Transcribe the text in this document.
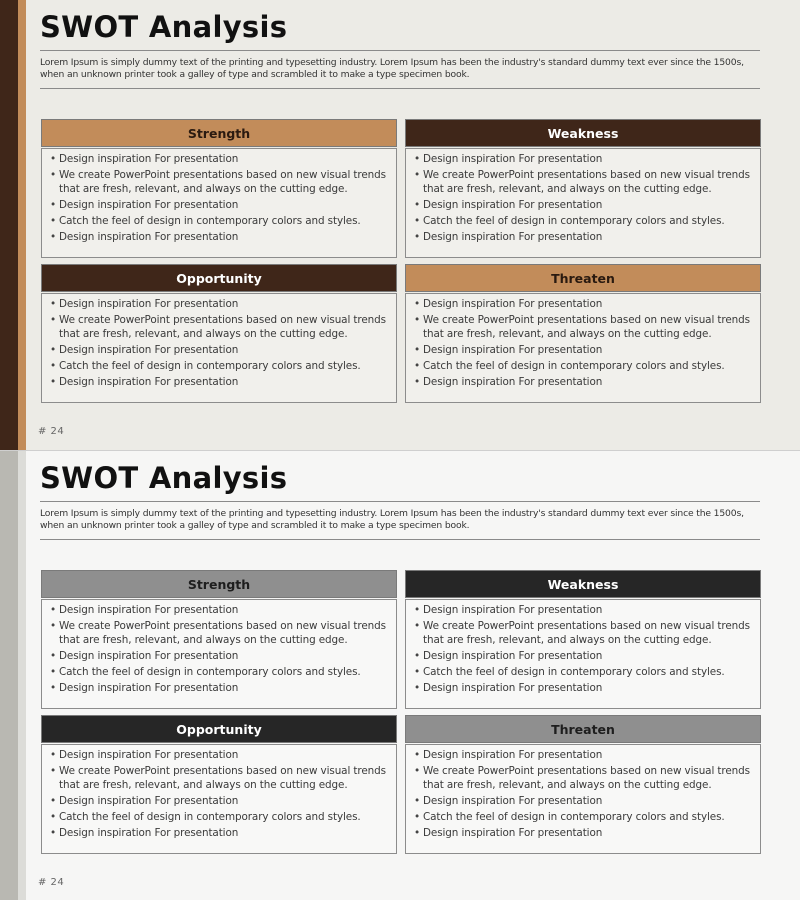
SWOT Analysis
Lorem Ipsum is simply dummy text of the printing and typesetting industry. Lorem Ipsum has been the industry's standard dummy text ever since the 1500s, when an unknown printer took a galley of type and scrambled it to make a type specimen book.
Strength
• Design inspiration For presentation
• We create PowerPoint presentations based on new visual trends that are fresh, relevant, and always on the cutting edge.
• Design inspiration For presentation
• Catch the feel of design in contemporary colors and styles.
• Design inspiration For presentation
Weakness
• Design inspiration For presentation
• We create PowerPoint presentations based on new visual trends that are fresh, relevant, and always on the cutting edge.
• Design inspiration For presentation
• Catch the feel of design in contemporary colors and styles.
• Design inspiration For presentation
Opportunity
• Design inspiration For presentation
• We create PowerPoint presentations based on new visual trends that are fresh, relevant, and always on the cutting edge.
• Design inspiration For presentation
• Catch the feel of design in contemporary colors and styles.
• Design inspiration For presentation
Threaten
• Design inspiration For presentation
• We create PowerPoint presentations based on new visual trends that are fresh, relevant, and always on the cutting edge.
• Design inspiration For presentation
• Catch the feel of design in contemporary colors and styles.
• Design inspiration For presentation
# 24
SWOT Analysis
Lorem Ipsum is simply dummy text of the printing and typesetting industry. Lorem Ipsum has been the industry's standard dummy text ever since the 1500s, when an unknown printer took a galley of type and scrambled it to make a type specimen book.
Strength
• Design inspiration For presentation
• We create PowerPoint presentations based on new visual trends that are fresh, relevant, and always on the cutting edge.
• Design inspiration For presentation
• Catch the feel of design in contemporary colors and styles.
• Design inspiration For presentation
Weakness
• Design inspiration For presentation
• We create PowerPoint presentations based on new visual trends that are fresh, relevant, and always on the cutting edge.
• Design inspiration For presentation
• Catch the feel of design in contemporary colors and styles.
• Design inspiration For presentation
Opportunity
• Design inspiration For presentation
• We create PowerPoint presentations based on new visual trends that are fresh, relevant, and always on the cutting edge.
• Design inspiration For presentation
• Catch the feel of design in contemporary colors and styles.
• Design inspiration For presentation
Threaten
• Design inspiration For presentation
• We create PowerPoint presentations based on new visual trends that are fresh, relevant, and always on the cutting edge.
• Design inspiration For presentation
• Catch the feel of design in contemporary colors and styles.
• Design inspiration For presentation
# 24
